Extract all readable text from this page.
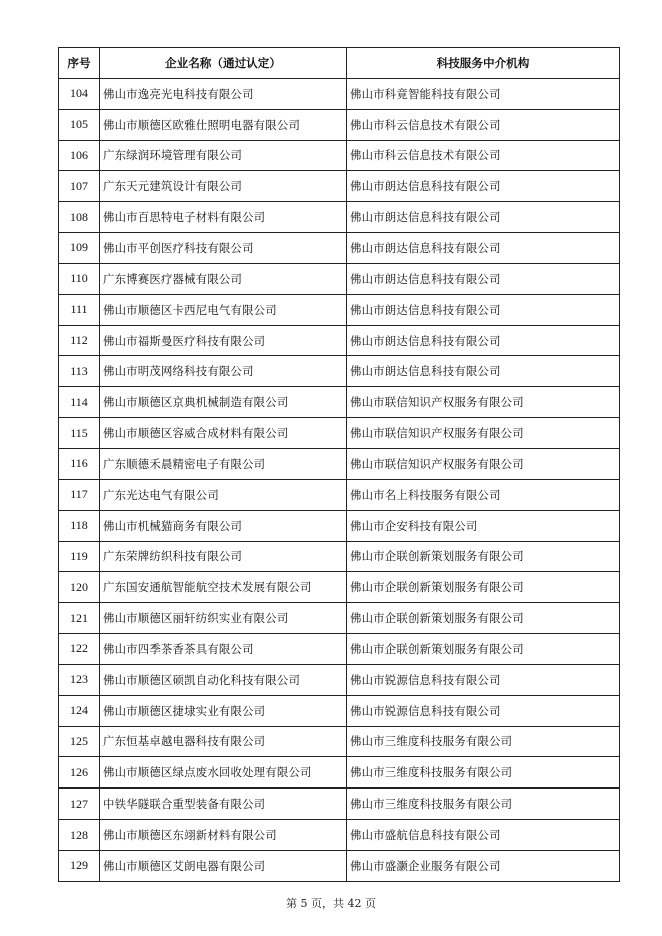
序号	企业名称（通过认定）	科技服务中介机构
104	佛山市逸亮光电科技有限公司	佛山市科竟智能科技有限公司
105	佛山市顺德区欧雅仕照明电器有限公司	佛山市科云信息技术有限公司
106	广东绿润环境管理有限公司	佛山市科云信息技术有限公司
107	广东天元建筑设计有限公司	佛山市朗达信息科技有限公司
108	佛山市百思特电子材料有限公司	佛山市朗达信息科技有限公司
109	佛山市平创医疗科技有限公司	佛山市朗达信息科技有限公司
110	广东博赛医疗器械有限公司	佛山市朗达信息科技有限公司
111	佛山市顺德区卡西尼电气有限公司	佛山市朗达信息科技有限公司
112	佛山市福斯曼医疗科技有限公司	佛山市朗达信息科技有限公司
113	佛山市明茂网络科技有限公司	佛山市朗达信息科技有限公司
114	佛山市顺德区京典机械制造有限公司	佛山市联信知识产权服务有限公司
115	佛山市顺德区容威合成材料有限公司	佛山市联信知识产权服务有限公司
116	广东顺德禾晨精密电子有限公司	佛山市联信知识产权服务有限公司
117	广东光达电气有限公司	佛山市名上科技服务有限公司
118	佛山市机械猫商务有限公司	佛山市企安科技有限公司
119	广东荣牌纺织科技有限公司	佛山市企联创新策划服务有限公司
120	广东国安通航智能航空技术发展有限公司	佛山市企联创新策划服务有限公司
121	佛山市顺德区丽轩纺织实业有限公司	佛山市企联创新策划服务有限公司
122	佛山市四季茶香茶具有限公司	佛山市企联创新策划服务有限公司
123	佛山市顺德区硕凯自动化科技有限公司	佛山市锐源信息科技有限公司
124	佛山市顺德区捷埭实业有限公司	佛山市锐源信息科技有限公司
125	广东恒基卓越电器科技有限公司	佛山市三维度科技服务有限公司
126	佛山市顺德区绿点废水回收处理有限公司	佛山市三维度科技服务有限公司
127	中铁华隧联合重型装备有限公司	佛山市三维度科技服务有限公司
128	佛山市顺德区东翊新材料有限公司	佛山市盛航信息科技有限公司
129	佛山市顺德区艾朗电器有限公司	佛山市盛灏企业服务有限公司
第 5 页，共 42 页
